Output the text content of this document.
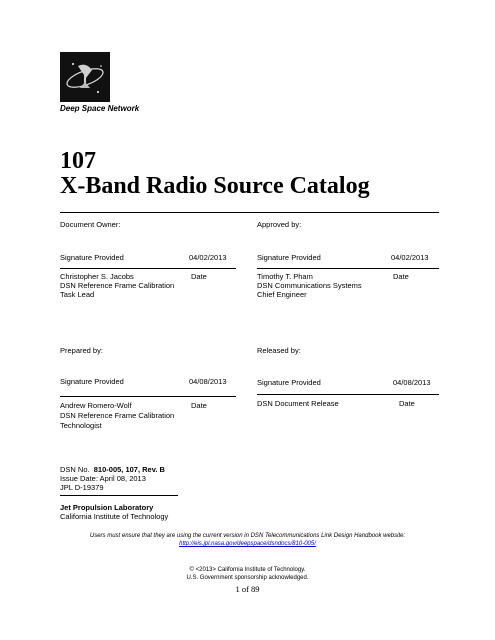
Deep Space Network
107
X-Band Radio Source Catalog
Document Owner:
Signature Provided	04/02/2013
Christopher S. Jacobs	Date
DSN Reference Frame Calibration
Task Lead
Approved by:
Signature Provided	04/02/2013
Timothy T. Pham	Date
DSN Communications Systems
Chief Engineer
Prepared by:
Signature Provided	04/08/2013
Andrew Romero-Wolf	Date
DSN Reference Frame Calibration
Technologist
Released by:
Signature Provided	04/08/2013
DSN Document Release	Date
DSN No. 810-005, 107, Rev. B
Issue Date: April 08, 2013
JPL D-19379
Jet Propulsion Laboratory
California Institute of Technology
Users must ensure that they are using the current version in DSN Telecommunications Link Design Handbook website:
http://eis.jpl.nasa.gov/deepspace/dsndocs/810-005/
© <2013> California Institute of Technology.
U.S. Government sponsorship acknowledged.
1 of 89
